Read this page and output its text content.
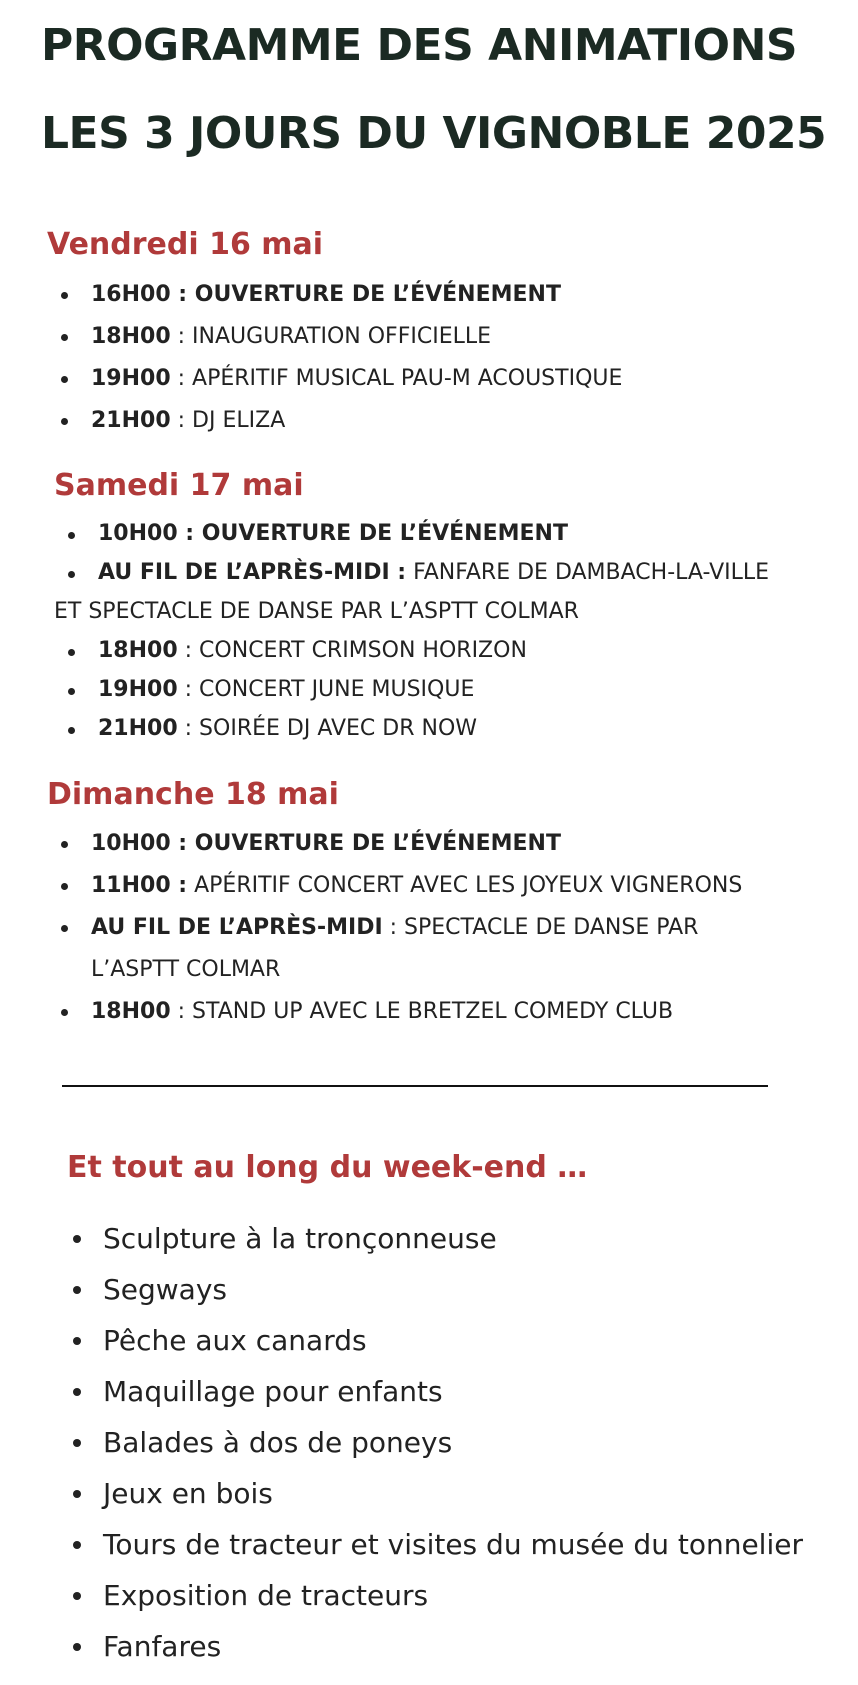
PROGRAMME DES ANIMATIONS
LES 3 JOURS DU VIGNOBLE 2025
Vendredi 16 mai
16H00 : OUVERTURE DE L’ÉVÉNEMENT
18H00 : INAUGURATION OFFICIELLE
19H00 : APÉRITIF MUSICAL PAU-M ACOUSTIQUE
21H00 : DJ ELIZA
Samedi 17 mai
10H00 : OUVERTURE DE L’ÉVÉNEMENT
AU FIL DE L’APRÈS-MIDI : FANFARE DE DAMBACH-LA-VILLE
ET SPECTACLE DE DANSE PAR L’ASPTT COLMAR
18H00 : CONCERT CRIMSON HORIZON
19H00 : CONCERT JUNE MUSIQUE
21H00 : SOIRÉE DJ AVEC DR NOW
Dimanche 18 mai
10H00 : OUVERTURE DE L’ÉVÉNEMENT
11H00 : APÉRITIF CONCERT AVEC LES JOYEUX VIGNERONS
AU FIL DE L’APRÈS-MIDI : SPECTACLE DE DANSE PAR
L’ASPTT COLMAR
18H00 : STAND UP AVEC LE BRETZEL COMEDY CLUB
Et tout au long du week-end …
Sculpture à la tronçonneuse
Segways
Pêche aux canards
Maquillage pour enfants
Balades à dos de poneys
Jeux en bois
Tours de tracteur et visites du musée du tonnelier
Exposition de tracteurs
Fanfares
